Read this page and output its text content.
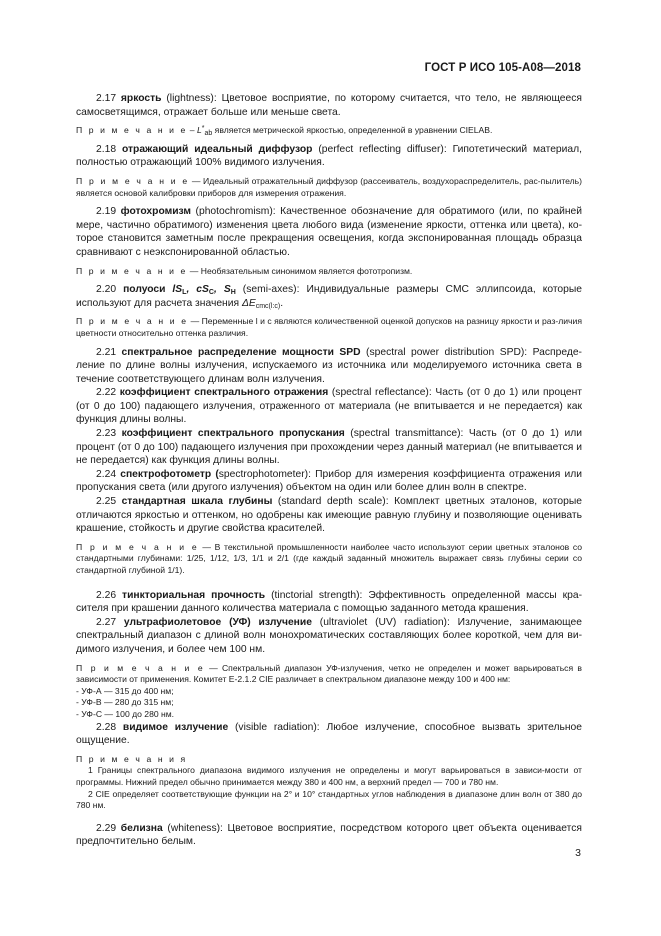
ГОСТ Р ИСО 105-A08—2018

2.17 яркость (lightness): Цветовое восприятие, по которому считается, что тело, не являющееся самосветящимся, отражает больше или меньше света.

П р и м е ч а н и е – $L^*_{ab}$ является метрической яркостью, определенной в уравнении CIELAB.

2.18 отражающий идеальный диффузор (perfect reflecting diffuser): Гипотетический материал, полностью отражающий 100% видимого излучения.

П р и м е ч а н и е — Идеальный отражательный диффузор (рассеиватель, воздухораспределитель, рас-пылитель) является основой калибровки приборов для измерения отражения.

2.19 фотохромизм (photochromism): Качественное обозначение для обратимого (или, по крайней мере, частично обратимого) изменения цвета любого вида (изменение яркости, оттенка или цвета), ко-торое становится заметным после прекращения освещения, когда экспонированная площадь образца сравнивают с неэкспонированной областью.

П р и м е ч а н и е — Необязательным синонимом является фототропизм.

2.20 полуоси $lS_L$, $cS_C$, $S_H$ (semi-axes): Индивидуальные размеры CMC эллипсоида, которые используют для расчета значения $\Delta E_{cmc(l:c)}$.

П р и м е ч а н и е — Переменные l и c являются количественной оценкой допусков на разницу яркости и раз-личия цветности относительно оттенка различия.

2.21 спектральное распределение мощности SPD (spectral power distribution SPD): Распреде-ление по длине волны излучения, испускаемого из источника или моделируемого источника света в течение соответствующего длинам волн излучения.

2.22 коэффициент спектрального отражения (spectral reflectance): Часть (от 0 до 1) или процент (от 0 до 100) падающего излучения, отраженного от материала (не впитывается и не передается) как функция длины волны.

2.23 коэффициент спектрального пропускания (spectral transmittance): Часть (от 0 до 1) или процент (от 0 до 100) падающего излучения при прохождении через данный материал (не впитывается и не передается) как функция длины волны.

2.24 спектрофотометр (spectrophotometer): Прибор для измерения коэффициента отражения или пропускания света (или другого излучения) объектом на один или более длин волн в спектре.

2.25 стандартная шкала глубины (standard depth scale): Комплект цветных эталонов, которые отличаются яркостью и оттенком, но одобрены как имеющие равную глубину и позволяющие оценивать крашение, стойкость и другие свойства красителей.

П р и м е ч а н и е — В текстильной промышленности наиболее часто используют серии цветных эталонов со стандартными глубинами: 1/25, 1/12, 1/3, 1/1 и 2/1 (где каждый заданный множитель выражает связь глубины серии со стандартной глубиной 1/1).

2.26 тинкториальная прочность (tinctorial strength): Эффективность определенной массы кра-сителя при крашении данного количества материала с помощью заданного метода крашения.

2.27 ультрафиолетовое (УФ) излучение (ultraviolet (UV) radiation): Излучение, занимающее спектральный диапазон с длиной волн монохроматических составляющих более короткой, чем для ви-димого излучения, и более чем 100 нм.

П р и м е ч а н и е — Спектральный диапазон УФ-излучения, четко не определен и может варьироваться в зависимости от применения. Комитет Е-2.1.2 CIE различает в спектральном диапазоне между 100 и 400 нм:

- УФ-А — 315 до 400 нм;
- УФ-В — 280 до 315 нм;
- УФ-С — 100 до 280 нм.

2.28 видимое излучение (visible radiation): Любое излучение, способное вызвать зрительное ощущение.

П р и м е ч а н и я

1 Границы спектрального диапазона видимого излучения не определены и могут варьироваться в зависи-мости от программы. Нижний предел обычно принимается между 380 и 400 нм, а верхний предел — 700 и 780 нм.

2 CIE определяет соответствующие функции на 2° и 10° стандартных углов наблюдения в диапазоне длин волн от 380 до 780 нм.

2.29 белизна (whiteness): Цветовое восприятие, посредством которого цвет объекта оценивается предпочтительно белым.

3
